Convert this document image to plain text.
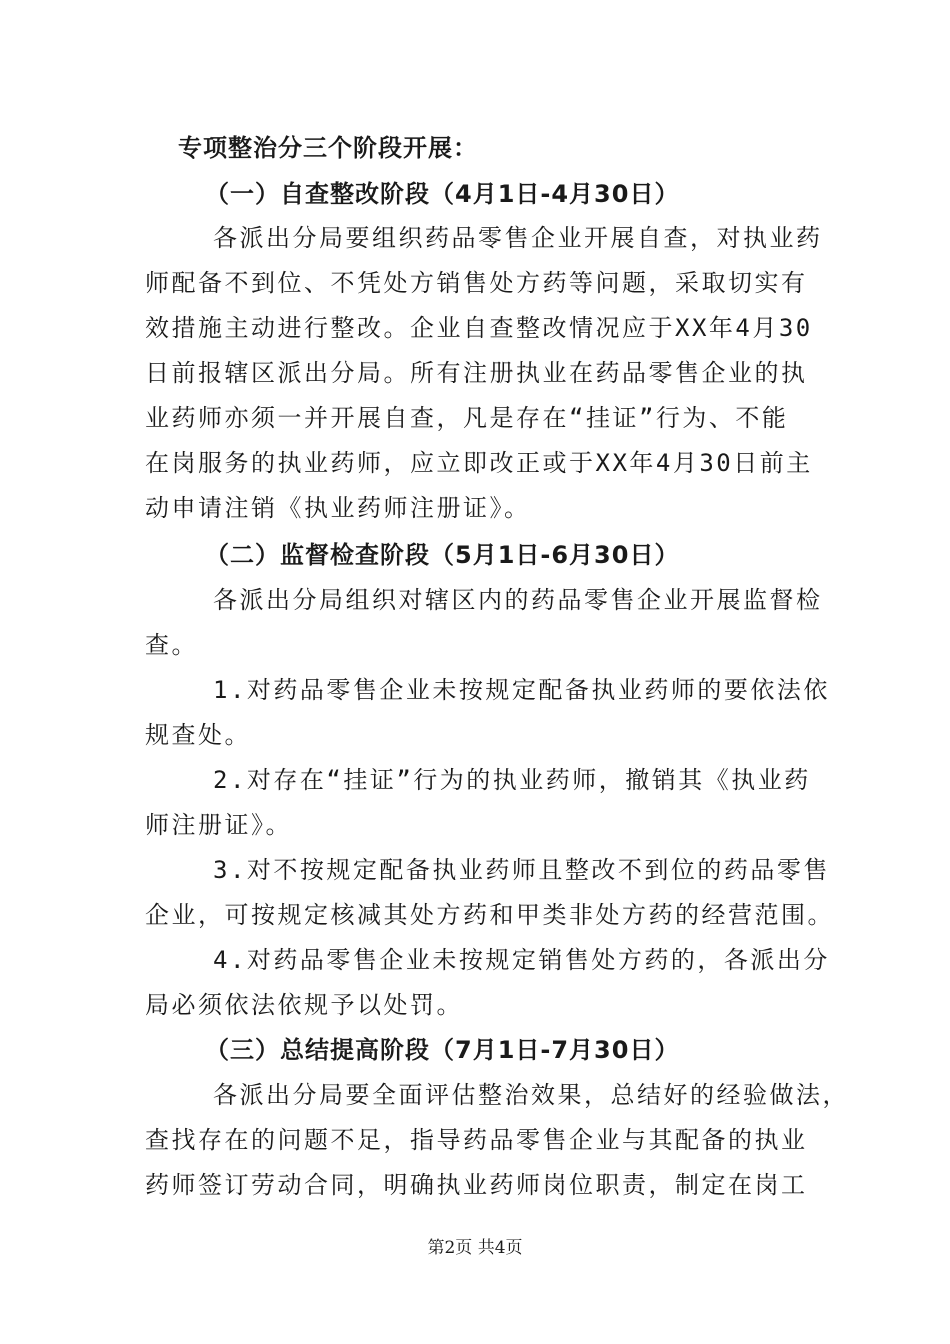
专项整治分三个阶段开展：
（一）自查整改阶段（4月1日-4月30日）
各派出分局要组织药品零售企业开展自查，对执业药
师配备不到位、不凭处方销售处方药等问题，采取切实有
效措施主动进行整改。企业自查整改情况应于XX年4月30
日前报辖区派出分局。所有注册执业在药品零售企业的执
业药师亦须一并开展自查，凡是存在“挂证”行为、不能
在岗服务的执业药师，应立即改正或于XX年4月30日前主
动申请注销《执业药师注册证》。
（二）监督检查阶段（5月1日-6月30日）
各派出分局组织对辖区内的药品零售企业开展监督检
查。
1.对药品零售企业未按规定配备执业药师的要依法依
规查处。
2.对存在“挂证”行为的执业药师，撤销其《执业药
师注册证》。
3.对不按规定配备执业药师且整改不到位的药品零售
企业，可按规定核减其处方药和甲类非处方药的经营范围。
4.对药品零售企业未按规定销售处方药的，各派出分
局必须依法依规予以处罚。
（三）总结提高阶段（7月1日-7月30日）
各派出分局要全面评估整治效果，总结好的经验做法，
查找存在的问题不足，指导药品零售企业与其配备的执业
药师签订劳动合同，明确执业药师岗位职责，制定在岗工
第2页 共4页
